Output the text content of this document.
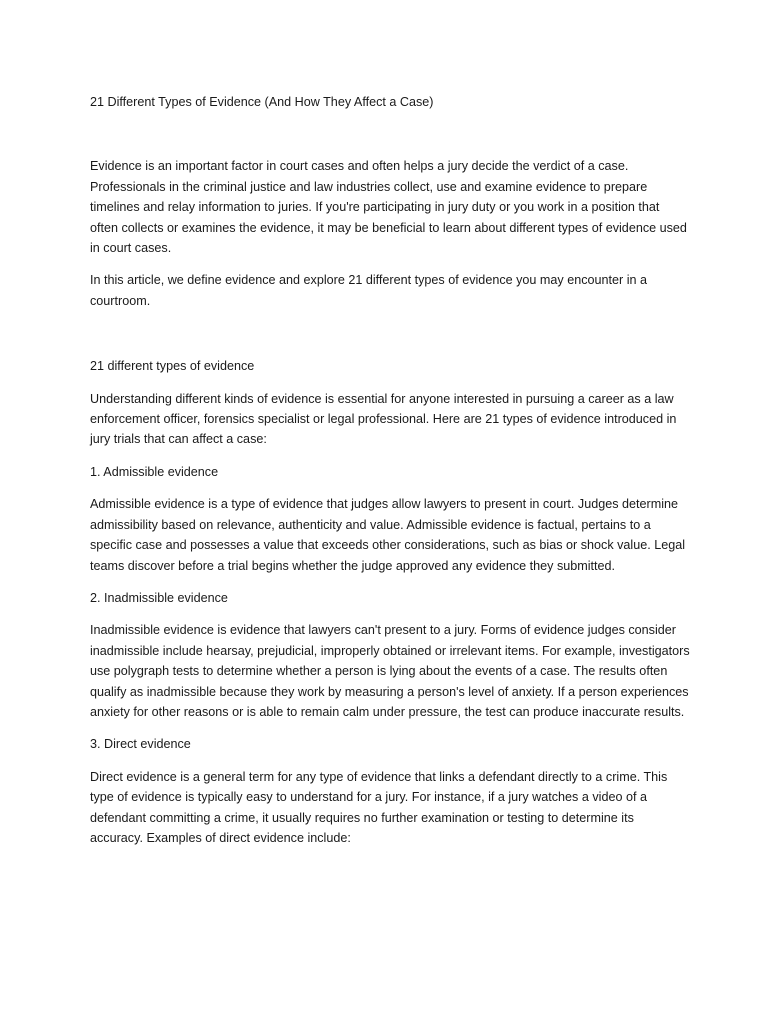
21 Different Types of Evidence (And How They Affect a Case)

Evidence is an important factor in court cases and often helps a jury decide the verdict of a case. Professionals in the criminal justice and law industries collect, use and examine evidence to prepare timelines and relay information to juries. If you're participating in jury duty or you work in a position that often collects or examines the evidence, it may be beneficial to learn about different types of evidence used in court cases.

In this article, we define evidence and explore 21 different types of evidence you may encounter in a courtroom.

21 different types of evidence

Understanding different kinds of evidence is essential for anyone interested in pursuing a career as a law enforcement officer, forensics specialist or legal professional. Here are 21 types of evidence introduced in jury trials that can affect a case:

1. Admissible evidence

Admissible evidence is a type of evidence that judges allow lawyers to present in court. Judges determine admissibility based on relevance, authenticity and value. Admissible evidence is factual, pertains to a specific case and possesses a value that exceeds other considerations, such as bias or shock value. Legal teams discover before a trial begins whether the judge approved any evidence they submitted.

2. Inadmissible evidence

Inadmissible evidence is evidence that lawyers can't present to a jury. Forms of evidence judges consider inadmissible include hearsay, prejudicial, improperly obtained or irrelevant items. For example, investigators use polygraph tests to determine whether a person is lying about the events of a case. The results often qualify as inadmissible because they work by measuring a person's level of anxiety. If a person experiences anxiety for other reasons or is able to remain calm under pressure, the test can produce inaccurate results.

3. Direct evidence

Direct evidence is a general term for any type of evidence that links a defendant directly to a crime. This type of evidence is typically easy to understand for a jury. For instance, if a jury watches a video of a defendant committing a crime, it usually requires no further examination or testing to determine its accuracy. Examples of direct evidence include:
